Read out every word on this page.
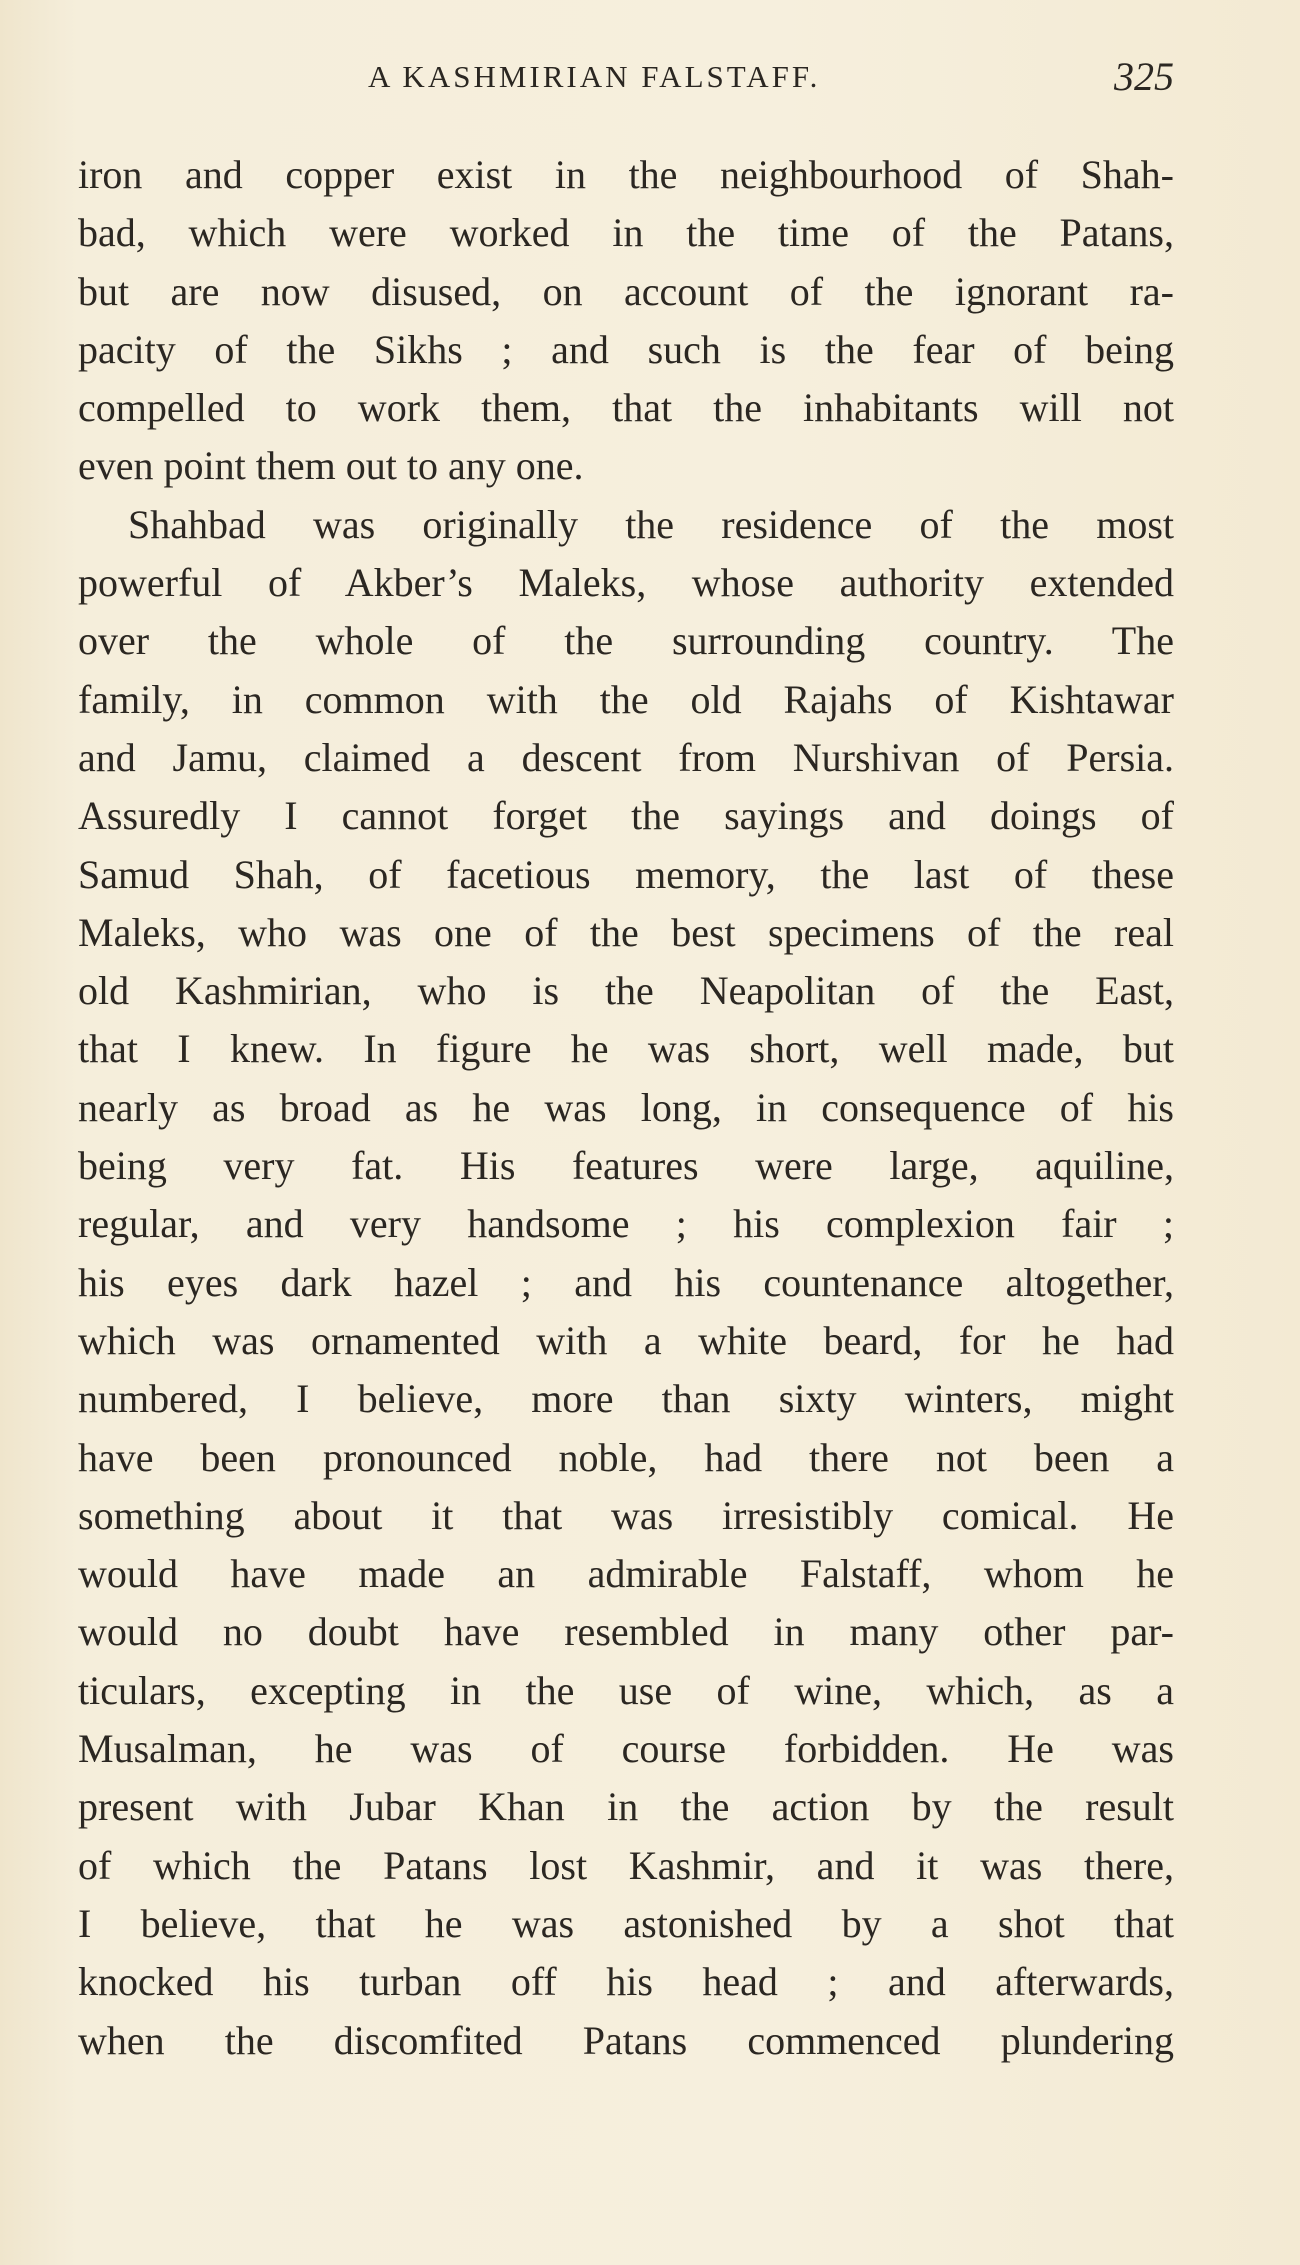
A KASHMIRIAN FALSTAFF.	325
iron and copper exist in the neighbourhood of Shah-
bad, which were worked in the time of the Patans,
but are now disused, on account of the ignorant ra-
pacity of the Sikhs ; and such is the fear of being
compelled to work them, that the inhabitants will not
even point them out to any one.
Shahbad was originally the residence of the most
powerful of Akber’s Maleks, whose authority extended
over the whole of the surrounding country. The
family, in common with the old Rajahs of Kishtawar
and Jamu, claimed a descent from Nurshivan of Persia.
Assuredly I cannot forget the sayings and doings of
Samud Shah, of facetious memory, the last of these
Maleks, who was one of the best specimens of the real
old Kashmirian, who is the Neapolitan of the East,
that I knew. In figure he was short, well made, but
nearly as broad as he was long, in consequence of his
being very fat. His features were large, aquiline,
regular, and very handsome ; his complexion fair ;
his eyes dark hazel ; and his countenance altogether,
which was ornamented with a white beard, for he had
numbered, I believe, more than sixty winters, might
have been pronounced noble, had there not been a
something about it that was irresistibly comical. He
would have made an admirable Falstaff, whom he
would no doubt have resembled in many other par-
ticulars, excepting in the use of wine, which, as a
Musalman, he was of course forbidden. He was
present with Jubar Khan in the action by the result
of which the Patans lost Kashmir, and it was there,
I believe, that he was astonished by a shot that
knocked his turban off his head ; and afterwards,
when the discomfited Patans commenced plundering
